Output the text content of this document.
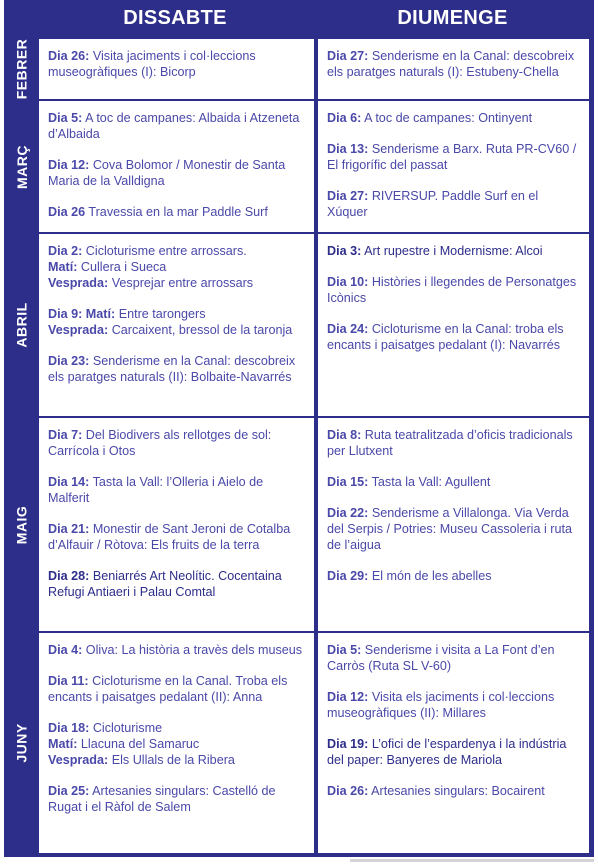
DISSABTE	DIUMENGE
FEBRER Dia 26: Visita jaciments i col·leccions museogràfiques (I): Bicorp
Dia 27: Senderisme en la Canal: descobreix els paratges naturals (I): Estubeny-Chella
MARÇ
Dia 5: A toc de campanes: Albaida i Atzeneta d’Albaida
Dia 12: Cova Bolomor / Monestir de Santa Maria de la Valldigna
Dia 26 Travessia en la mar Paddle Surf
Dia 6: A toc de campanes: Ontinyent
Dia 13: Senderisme a Barx. Ruta PR-CV60 / El frigorífic del passat
Dia 27: RIVERSUP. Paddle Surf en el Xúquer
ABRIL
Dia 2: Cicloturisme entre arrossars.
Matí: Cullera i Sueca
Vesprada: Vesprejar entre arrossars
Dia 9: Matí: Entre tarongers
Vesprada: Carcaixent, bressol de la taronja
Dia 23: Senderisme en la Canal: descobreix els paratges naturals (II): Bolbaite-Navarrés
Dia 3: Art rupestre i Modernisme: Alcoi
Dia 10: Històries i llegendes de Personatges Icònics
Dia 24: Cicloturisme en la Canal: troba els encants i paisatges pedalant (I): Navarrés
MAIG
Dia 7: Del Biodivers als rellotges de sol: Carrícola i Otos
Dia 14: Tasta la Vall: l’Olleria i Aielo de Malferit
Dia 21: Monestir de Sant Jeroni de Cotalba d’Alfauir / Ròtova: Els fruits de la terra
Dia 28: Beniarrés Art Neolític. Cocentaina Refugi Antiaeri i Palau Comtal
Dia 8: Ruta teatralitzada d’oficis tradicionals per Llutxent
Dia 15: Tasta la Vall: Agullent
Dia 22: Senderisme a Villalonga. Via Verda del Serpis / Potries: Museu Cassoleria i ruta de l’aigua
Dia 29: El món de les abelles
JUNY
Dia 4: Oliva: La història a travès dels museus
Dia 11: Cicloturisme en la Canal. Troba els encants i paisatges pedalant (II): Anna
Dia 18: Cicloturisme
Matí: Llacuna del Samaruc
Vesprada: Els Ullals de la Ribera
Dia 25: Artesanies singulars: Castelló de Rugat i el Ràfol de Salem
Dia 5: Senderisme i visita a La Font d’en Carròs (Ruta SL V-60)
Dia 12: Visita els jaciments i col·leccions museogràfiques (II): Millares
Dia 19: L’ofici de l’espardenya i la indústria del paper: Banyeres de Mariola
Dia 26: Artesanies singulars: Bocairent
